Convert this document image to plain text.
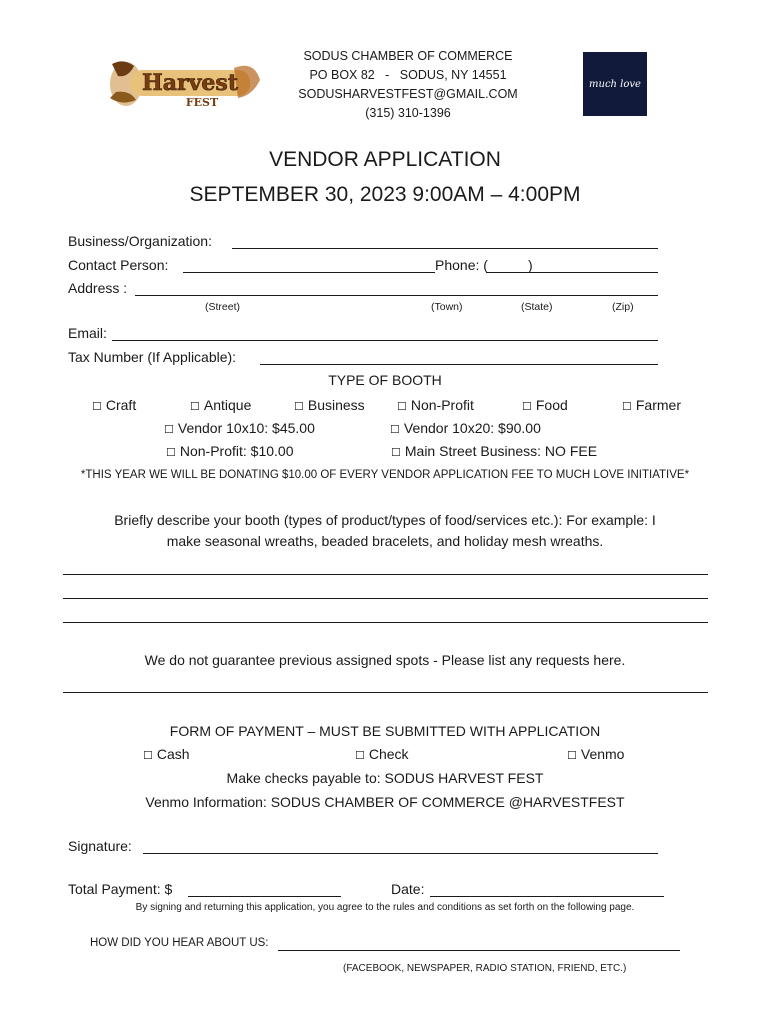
Harvest
FEST
SODUS CHAMBER OF COMMERCE
PO BOX 82   -   SODUS, NY 14551
SODUSHARVESTFEST@GMAIL.COM
(315) 310-1396
much love
VENDOR APPLICATION
SEPTEMBER 30, 2023 9:00AM – 4:00PM
Business/Organization:
Contact Person:	Phone: (	)
Address :
(Street)	(Town)	(State)	(Zip)
Email:
Tax Number (If Applicable):
TYPE OF BOOTH
☐ Craft	☐ Antique	☐ Business	☐ Non-Profit	☐ Food	☐ Farmer
☐ Vendor 10x10: $45.00	☐ Vendor 10x20: $90.00
☐ Non-Profit: $10.00	☐ Main Street Business: NO FEE
*THIS YEAR WE WILL BE DONATING $10.00 OF EVERY VENDOR APPLICATION FEE TO MUCH LOVE INITIATIVE*
Briefly describe your booth (types of product/types of food/services etc.): For example: I
make seasonal wreaths, beaded bracelets, and holiday mesh wreaths.
We do not guarantee previous assigned spots - Please list any requests here.
FORM OF PAYMENT – MUST BE SUBMITTED WITH APPLICATION
☐ Cash	☐ Check	☐ Venmo
Make checks payable to: SODUS HARVEST FEST
Venmo Information: SODUS CHAMBER OF COMMERCE @HARVESTFEST
Signature:
Total Payment: $	Date:
By signing and returning this application, you agree to the rules and conditions as set forth on the following page.
HOW DID YOU HEAR ABOUT US:
(FACEBOOK, NEWSPAPER, RADIO STATION, FRIEND, ETC.)
